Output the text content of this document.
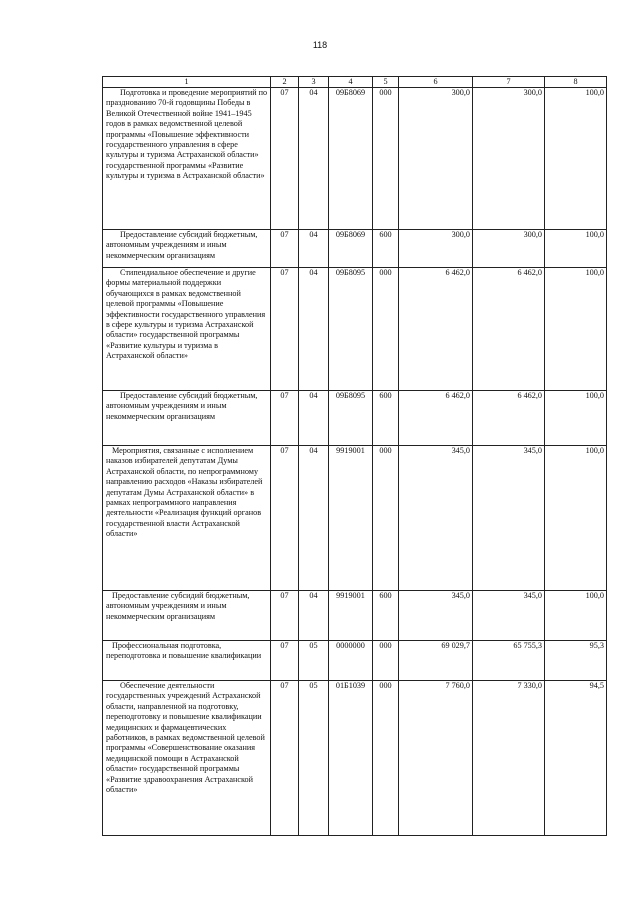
118
1	2	3	4	5	6	7	8

Подготовка и проведение мероприятий по празднованию 70-й годовщины Победы в Великой Отечественной войне 1941–1945 годов в рамках ведомственной целевой программы «Повышение эффективности государственного управления в сфере культуры и туризма Астраханской области» государственной программы «Развитие культуры и туризма в Астраханской области»	07	04	09Б8069	000	300,0	300,0	100,0

Предоставление субсидий бюджетным, автономным учреждениям и иным некоммерческим организациям	07	04	09Б8069	600	300,0	300,0	100,0

Стипендиальное обеспечение и другие формы материальной поддержки обучающихся в рамках ведомственной целевой программы «Повышение эффективности государственного управления в сфере культуры и туризма Астраханской области» государственной программы «Развитие культуры и туризма в Астраханской области»	07	04	09Б8095	000	6 462,0	6 462,0	100,0

Предоставление субсидий бюджетным, автономным учреждениям и иным некоммерческим организациям	07	04	09Б8095	600	6 462,0	6 462,0	100,0

Мероприятия, связанные с исполнением наказов избирателей депутатам Думы Астраханской области, по непрограммному направлению расходов «Наказы избирателей депутатам Думы Астраханской области» в рамках непрограммного направления деятельности «Реализация функций органов государственной власти Астраханской области»	07	04	9919001	000	345,0	345,0	100,0

Предоставление субсидий бюджетным, автономным учреждениям и иным некоммерческим организациям	07	04	9919001	600	345,0	345,0	100,0

Профессиональная подготовка, переподготовка и повышение квалификации	07	05	0000000	000	69 029,7	65 755,3	95,3

Обеспечение деятельности государственных учреждений Астраханской области, направленной на подготовку, переподготовку и повышение квалификации медицинских и фармацевтических работников, в рамках ведомственной целевой программы «Совершенствование оказания медицинской помощи в Астраханской области» государственной программы «Развитие здравоохранения Астраханской области»	07	05	01Б1039	000	7 760,0	7 330,0	94,5
